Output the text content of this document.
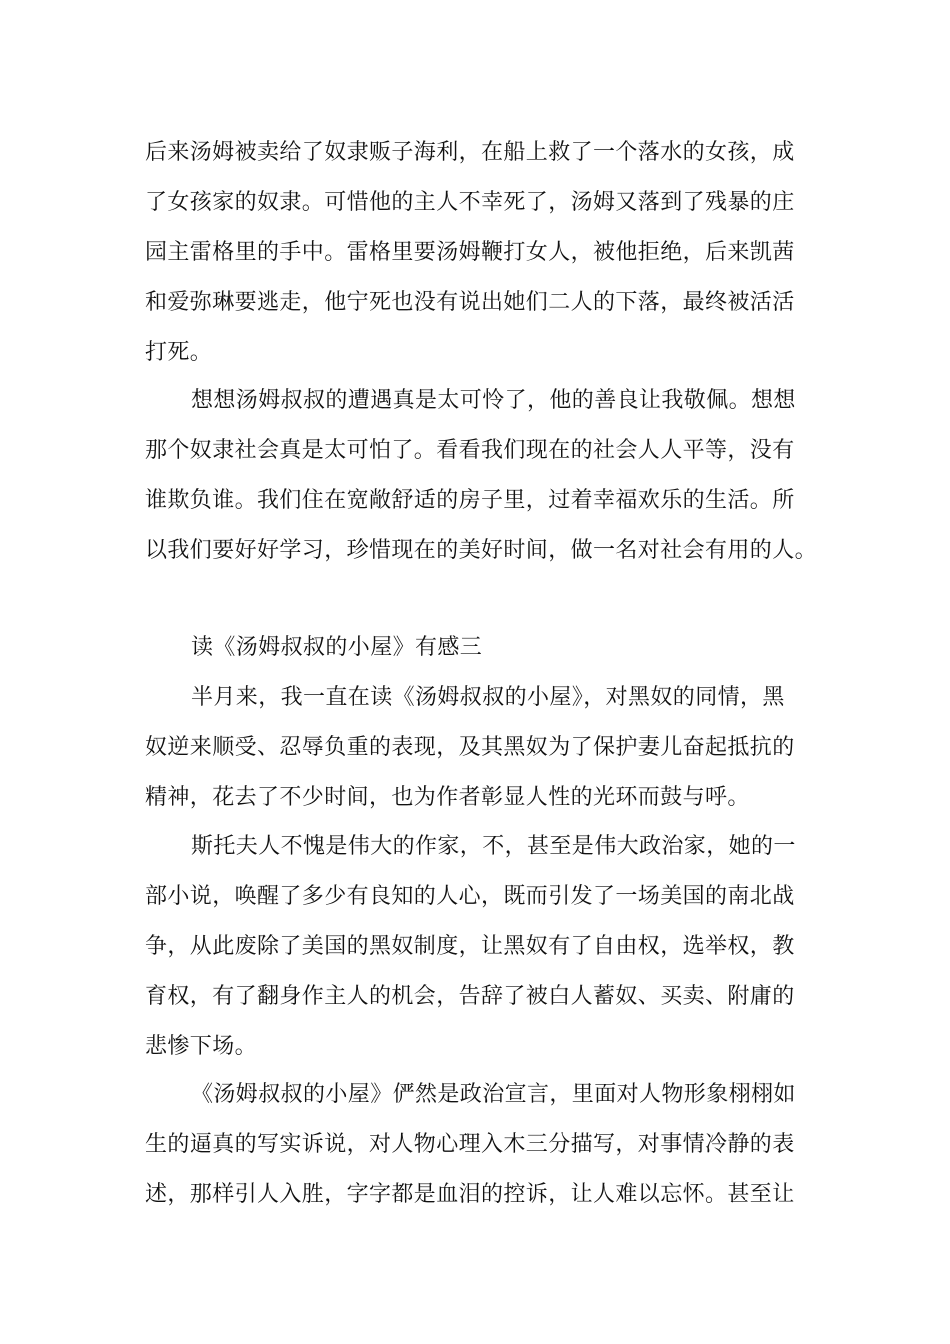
后来汤姆被卖给了奴隶贩子海利，在船上救了一个落水的女孩，成
了女孩家的奴隶。可惜他的主人不幸死了，汤姆又落到了残暴的庄
园主雷格里的手中。雷格里要汤姆鞭打女人，被他拒绝，后来凯茜
和爱弥琳要逃走，他宁死也没有说出她们二人的下落，最终被活活
打死。
想想汤姆叔叔的遭遇真是太可怜了，他的善良让我敬佩。想想
那个奴隶社会真是太可怕了。看看我们现在的社会人人平等，没有
谁欺负谁。我们住在宽敞舒适的房子里，过着幸福欢乐的生活。所
以我们要好好学习，珍惜现在的美好时间，做一名对社会有用的人。
读《汤姆叔叔的小屋》有感三
半月来，我一直在读《汤姆叔叔的小屋》，对黑奴的同情，黑
奴逆来顺受、忍辱负重的表现，及其黑奴为了保护妻儿奋起抵抗的
精神，花去了不少时间，也为作者彰显人性的光环而鼓与呼。
斯托夫人不愧是伟大的作家，不，甚至是伟大政治家，她的一
部小说，唤醒了多少有良知的人心，既而引发了一场美国的南北战
争，从此废除了美国的黑奴制度，让黑奴有了自由权，选举权，教
育权，有了翻身作主人的机会，告辞了被白人蓄奴、买卖、附庸的
悲惨下场。
《汤姆叔叔的小屋》俨然是政治宣言，里面对人物形象栩栩如
生的逼真的写实诉说，对人物心理入木三分描写，对事情冷静的表
述，那样引人入胜，字字都是血泪的控诉，让人难以忘怀。甚至让
